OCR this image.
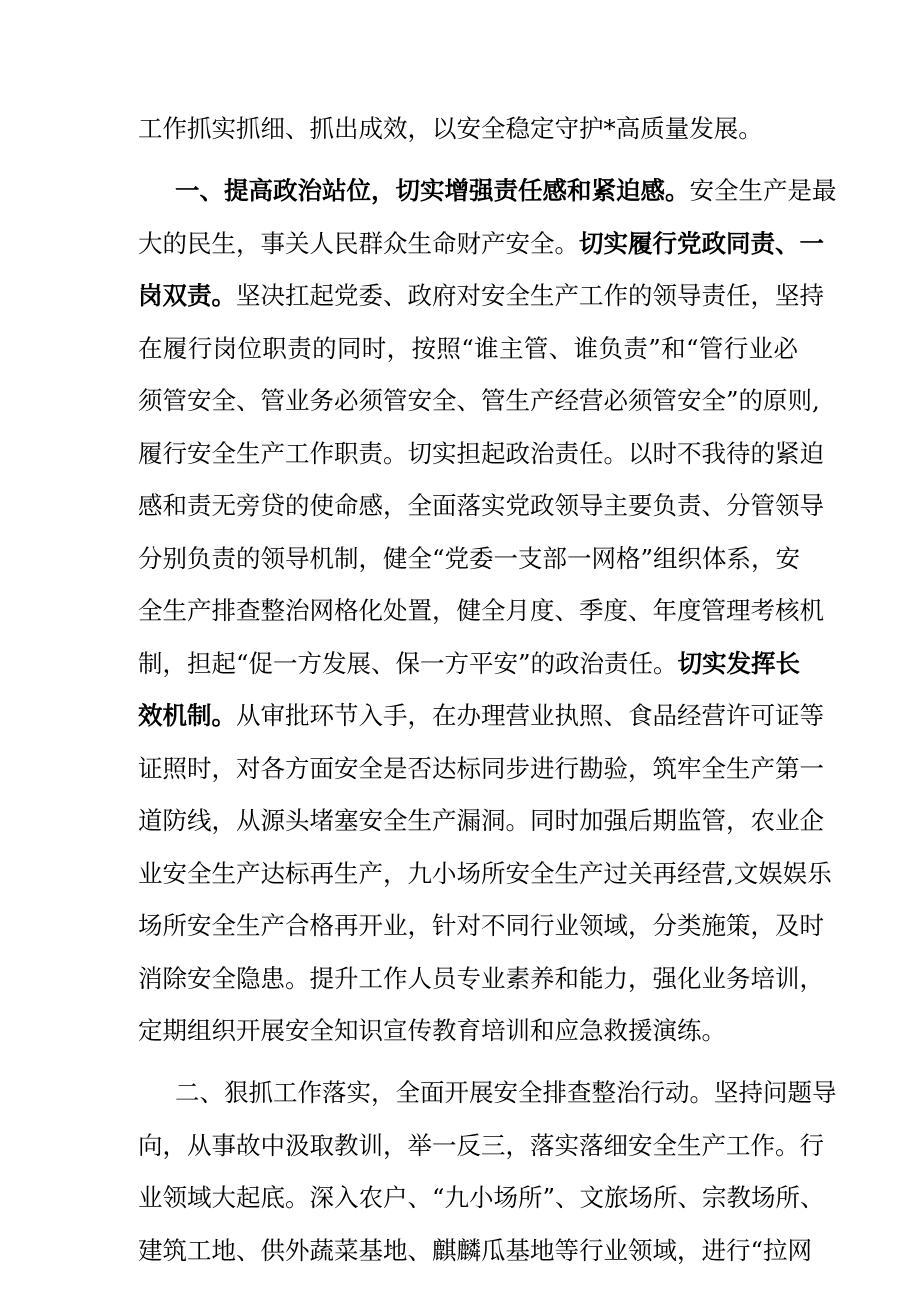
工作抓实抓细、抓出成效，以安全稳定守护*高质量发展。
一、提高政治站位，切实增强责任感和紧迫感。安全生产是最
大的民生，事关人民群众生命财产安全。切实履行党政同责、一
岗双责。坚决扛起党委、政府对安全生产工作的领导责任，坚持
在履行岗位职责的同时，按照“谁主管、谁负责”和“管行业必
须管安全、管业务必须管安全、管生产经营必须管安全”的原则,
履行安全生产工作职责。切实担起政治责任。以时不我待的紧迫
感和责无旁贷的使命感，全面落实党政领导主要负责、分管领导
分别负责的领导机制，健全“党委一支部一网格”组织体系，安
全生产排查整治网格化处置，健全月度、季度、年度管理考核机
制，担起“促一方发展、保一方平安”的政治责任。切实发挥长
效机制。从审批环节入手，在办理营业执照、食品经营许可证等
证照时，对各方面安全是否达标同步进行勘验，筑牢全生产第一
道防线，从源头堵塞安全生产漏洞。同时加强后期监管，农业企
业安全生产达标再生产，九小场所安全生产过关再经营,文娱娱乐
场所安全生产合格再开业，针对不同行业领域，分类施策，及时
消除安全隐患。提升工作人员专业素养和能力，强化业务培训，
定期组织开展安全知识宣传教育培训和应急救援演练。
二、狠抓工作落实，全面开展安全排查整治行动。坚持问题导
向，从事故中汲取教训，举一反三，落实落细安全生产工作。行
业领域大起底。深入农户、“九小场所”、文旅场所、宗教场所、
建筑工地、供外蔬菜基地、麒麟瓜基地等行业领域，进行“拉网
